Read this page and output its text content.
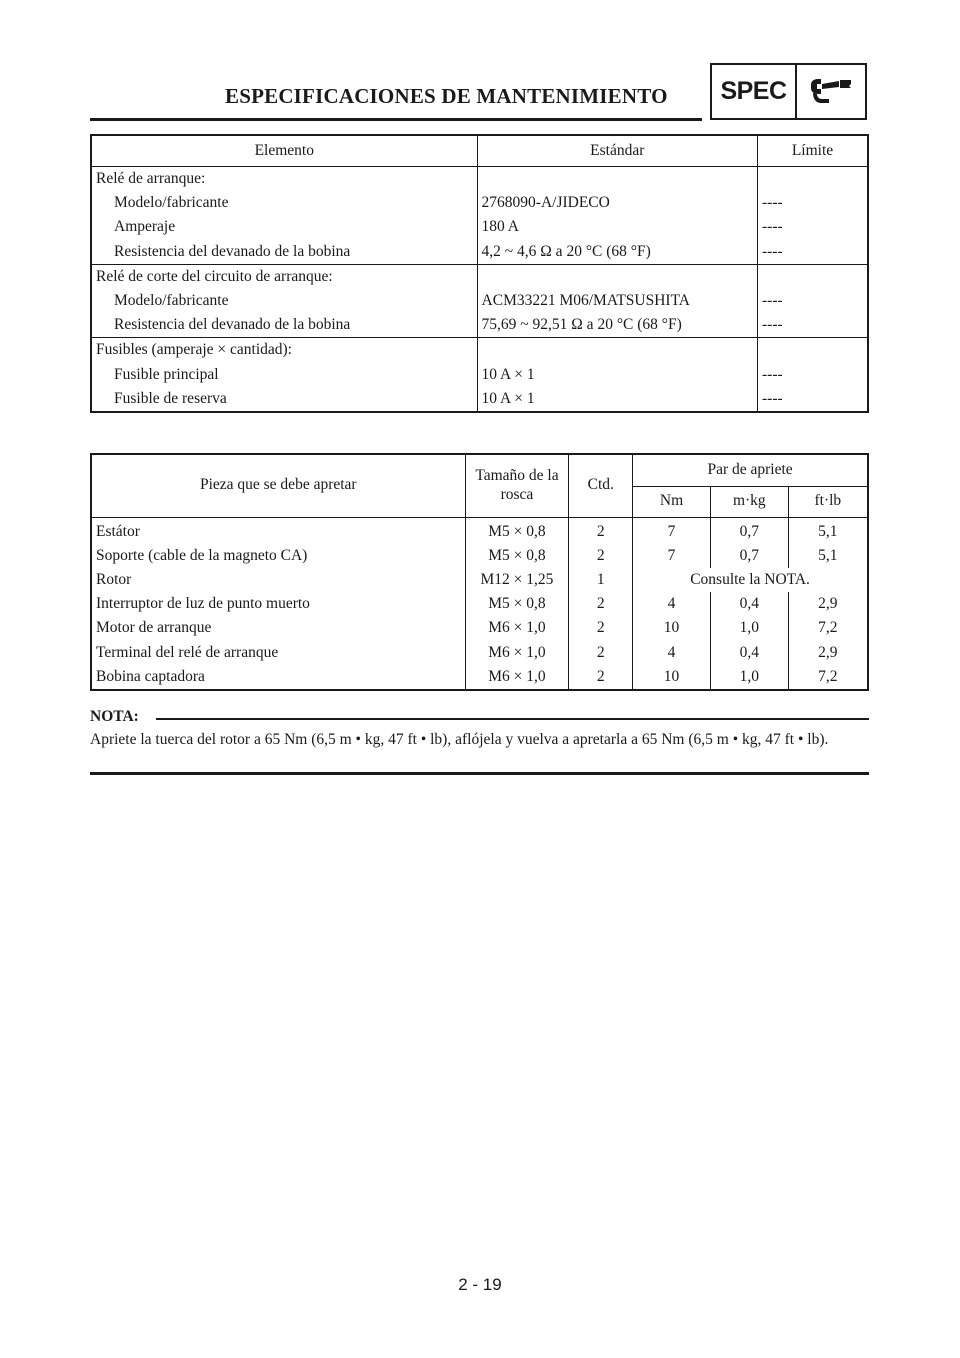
ESPECIFICACIONES DE MANTENIMIENTO	SPEC
Elemento	Estándar	Límite
Relé de arranque:		
Modelo/fabricante	2768090-A/JIDECO	----
Amperaje	180 A	----
Resistencia del devanado de la bobina	4,2 ~ 4,6 Ω a 20 °C (68 °F)	----
Relé de corte del circuito de arranque:		
Modelo/fabricante	ACM33221 M06/MATSUSHITA	----
Resistencia del devanado de la bobina	75,69 ~ 92,51 Ω a 20 °C (68 °F)	----
Fusibles (amperaje × cantidad):		
Fusible principal	10 A × 1	----
Fusible de reserva	10 A × 1	----
Pieza que se debe apretar	Tamaño de la rosca	Ctd.	Par de apriete		
			Nm	m·kg	ft·lb
Estátor	M5 × 0,8	2	7	0,7	5,1
Soporte (cable de la magneto CA)	M5 × 0,8	2	7	0,7	5,1
Rotor	M12 × 1,25	1	Consulte la NOTA.		
Interruptor de luz de punto muerto	M5 × 0,8	2	4	0,4	2,9
Motor de arranque	M6 × 1,0	2	10	1,0	7,2
Terminal del relé de arranque	M6 × 1,0	2	4	0,4	2,9
Bobina captadora	M6 × 1,0	2	10	1,0	7,2
NOTA:
Apriete la tuerca del rotor a 65 Nm (6,5 m • kg, 47 ft • lb), aflójela y vuelva a apretarla a 65 Nm (6,5 m • kg, 47 ft • lb).
2 - 19
